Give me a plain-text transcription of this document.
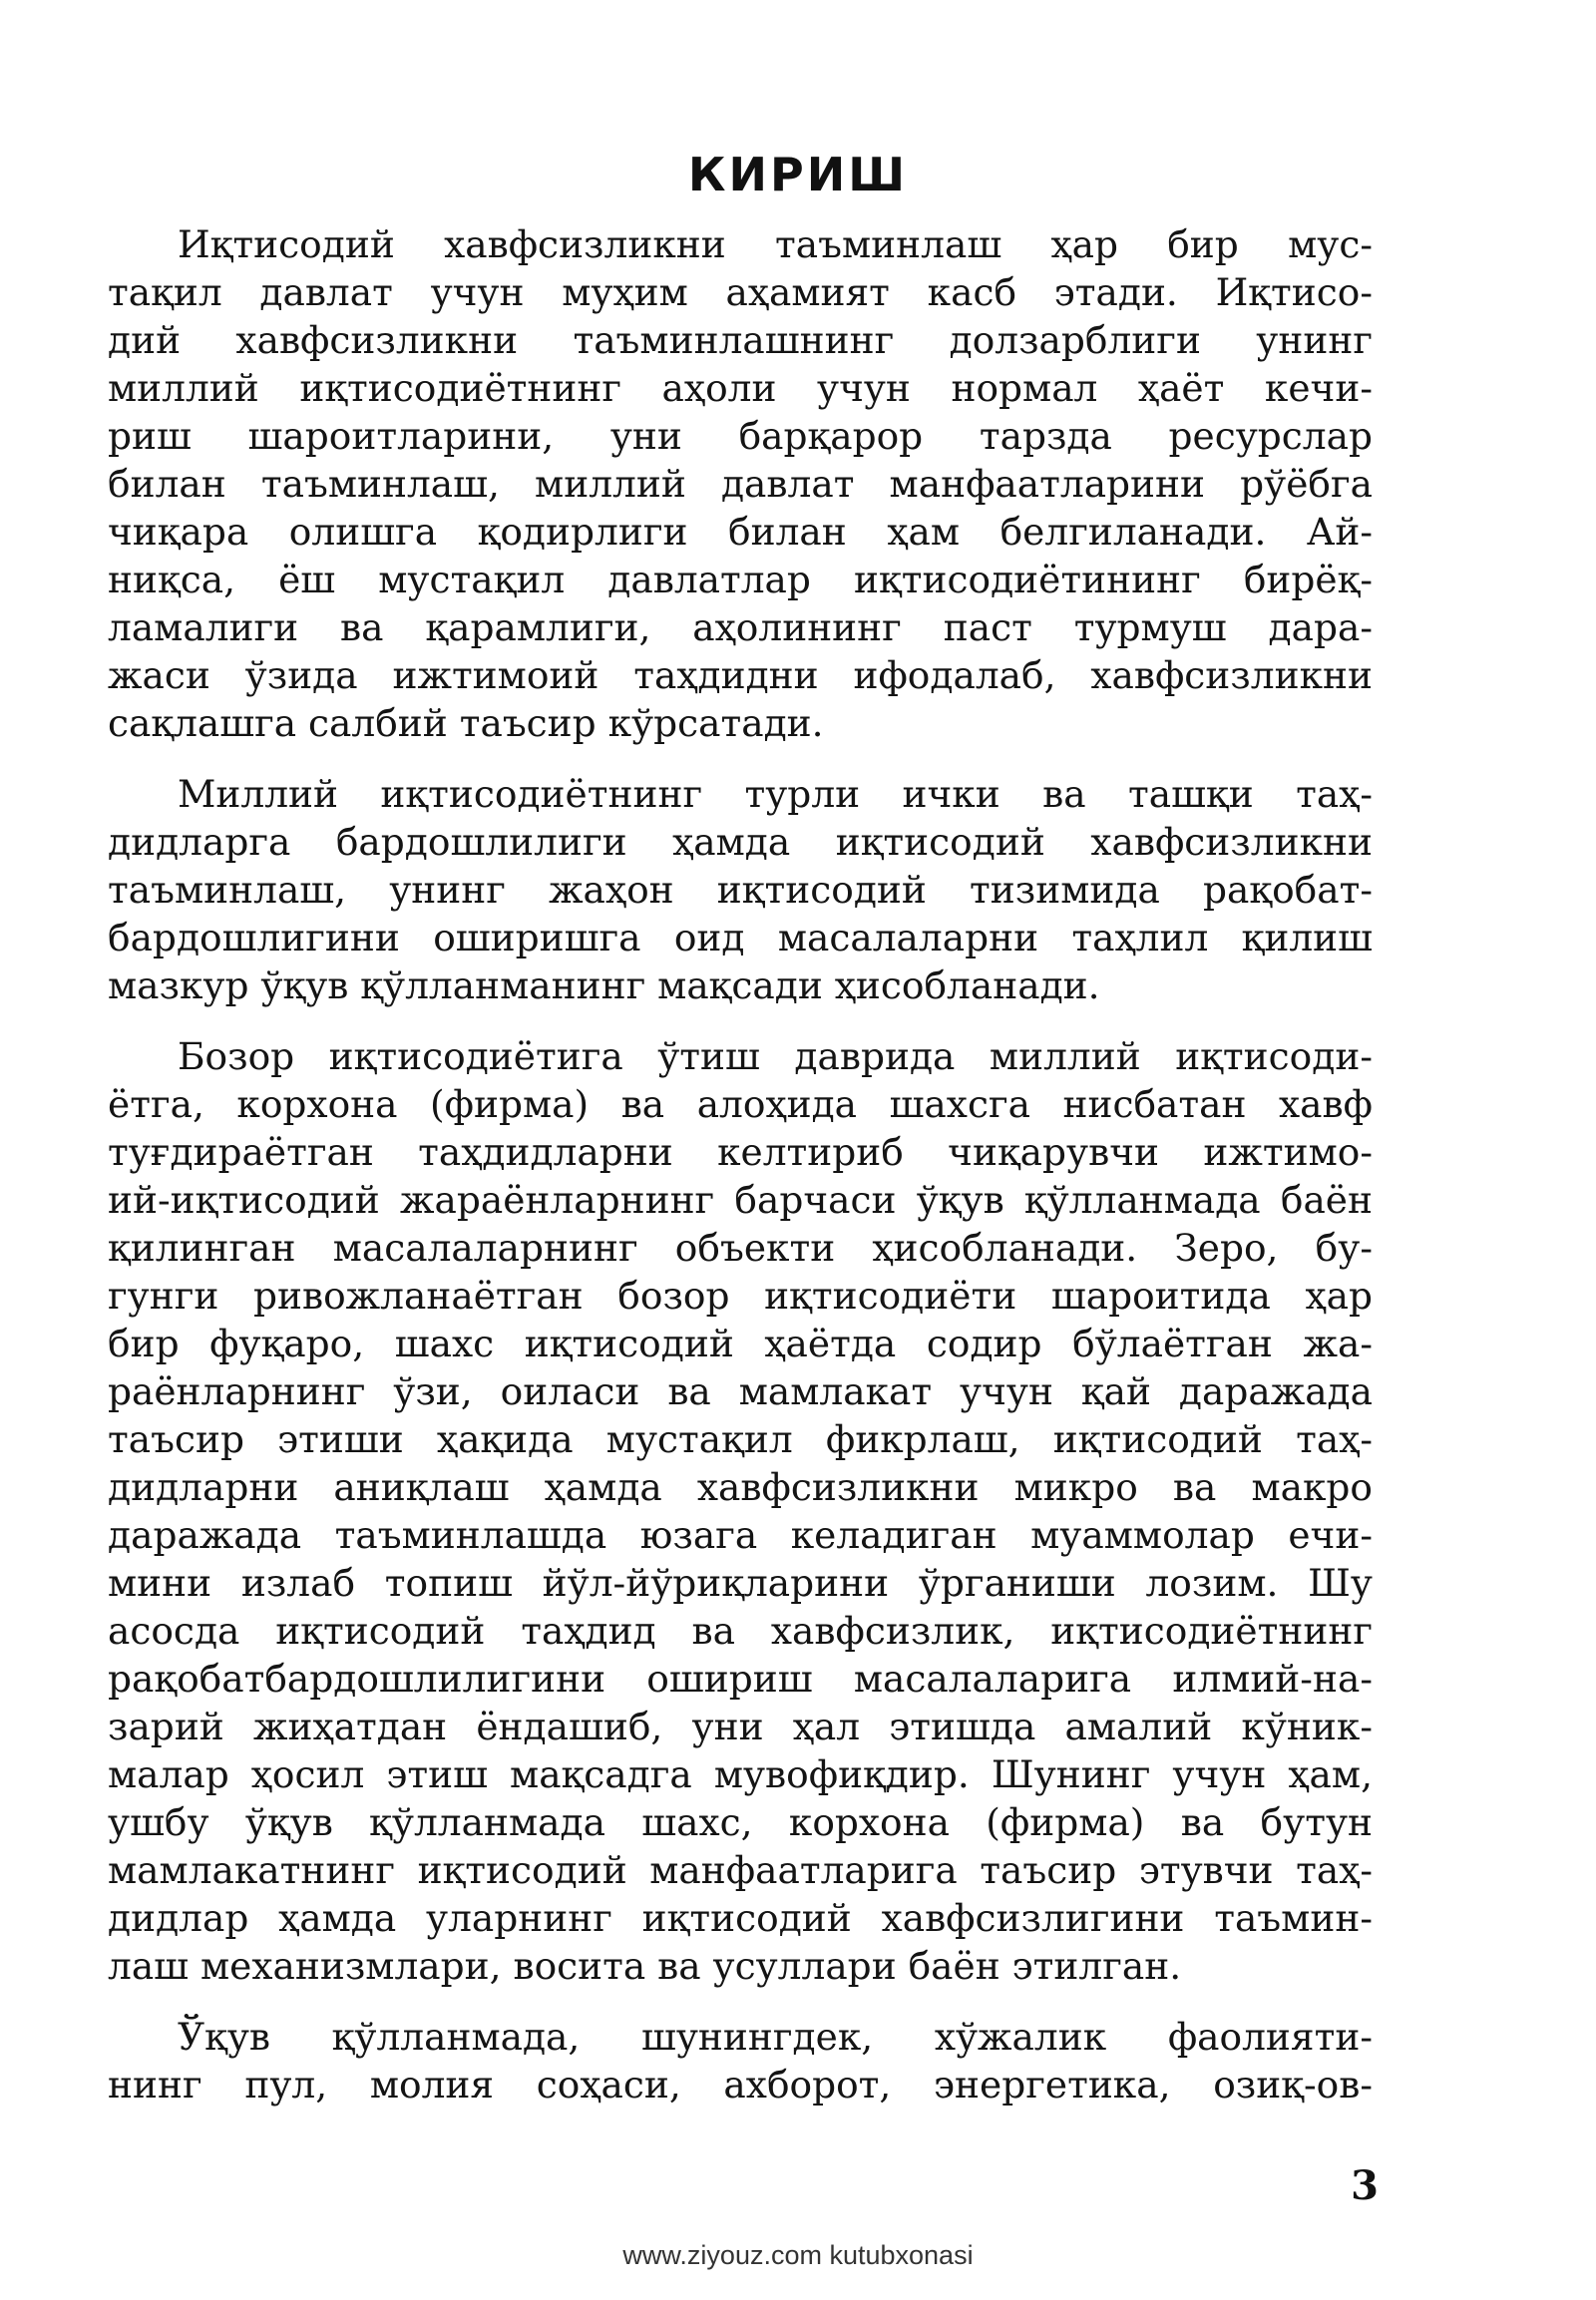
КИРИШ
Иқтисодий хавфсизликни таъминлаш ҳар бир мус-
тақил давлат учун муҳим аҳамият касб этади. Иқтисо-
дий хавфсизликни таъминлашнинг долзарблиги унинг
миллий иқтисодиётнинг аҳоли учун нормал ҳаёт кечи-
риш шароитларини, уни барқарор тарзда ресурслар
билан таъминлаш, миллий давлат манфаатларини рўёбга
чиқара олишга қодирлиги билан ҳам белгиланади. Ай-
ниқса, ёш мустақил давлатлар иқтисодиётининг бирёқ-
ламалиги ва қарамлиги, аҳолининг паст турмуш дара-
жаси ўзида ижтимоий таҳдидни ифодалаб, хавфсизликни
сақлашга салбий таъсир кўрсатади.
Миллий иқтисодиётнинг турли ички ва ташқи таҳ-
дидларга бардошлилиги ҳамда иқтисодий хавфсизликни
таъминлаш, унинг жаҳон иқтисодий тизимида рақобат-
бардошлигини оширишга оид масалаларни таҳлил қилиш
мазкур ўқув қўлланманинг мақсади ҳисобланади.
Бозор иқтисодиётига ўтиш даврида миллий иқтисоди-
ётга, корхона (фирма) ва алоҳида шахсга нисбатан хавф
туғдираётган таҳдидларни келтириб чиқарувчи ижтимо-
ий-иқтисодий жараёнларнинг барчаси ўқув қўлланмада баён
қилинган масалаларнинг объекти ҳисобланади. Зеро, бу-
гунги ривожланаётган бозор иқтисодиёти шароитида ҳар
бир фуқаро, шахс иқтисодий ҳаётда содир бўлаётган жа-
раёнларнинг ўзи, оиласи ва мамлакат учун қай даражада
таъсир этиши ҳақида мустақил фикрлаш, иқтисодий таҳ-
дидларни аниқлаш ҳамда хавфсизликни микро ва макро
даражада таъминлашда юзага келадиган муаммолар ечи-
мини излаб топиш йўл-йўриқларини ўрганиши лозим. Шу
асосда иқтисодий таҳдид ва хавфсизлик, иқтисодиётнинг
рақобатбардошлилигини ошириш масалаларига илмий-на-
зарий жиҳатдан ёндашиб, уни ҳал этишда амалий кўник-
малар ҳосил этиш мақсадга мувофиқдир. Шунинг учун ҳам,
ушбу ўқув қўлланмада шахс, корхона (фирма) ва бутун
мамлакатнинг иқтисодий манфаатларига таъсир этувчи таҳ-
дидлар ҳамда уларнинг иқтисодий хавфсизлигини таъмин-
лаш механизмлари, восита ва усуллари баён этилган.
Ўқув қўлланмада, шунингдек, хўжалик фаолияти-
нинг пул, молия соҳаси, ахборот, энергетика, озиқ-ов-
3
www.ziyouz.com kutubxonasi
